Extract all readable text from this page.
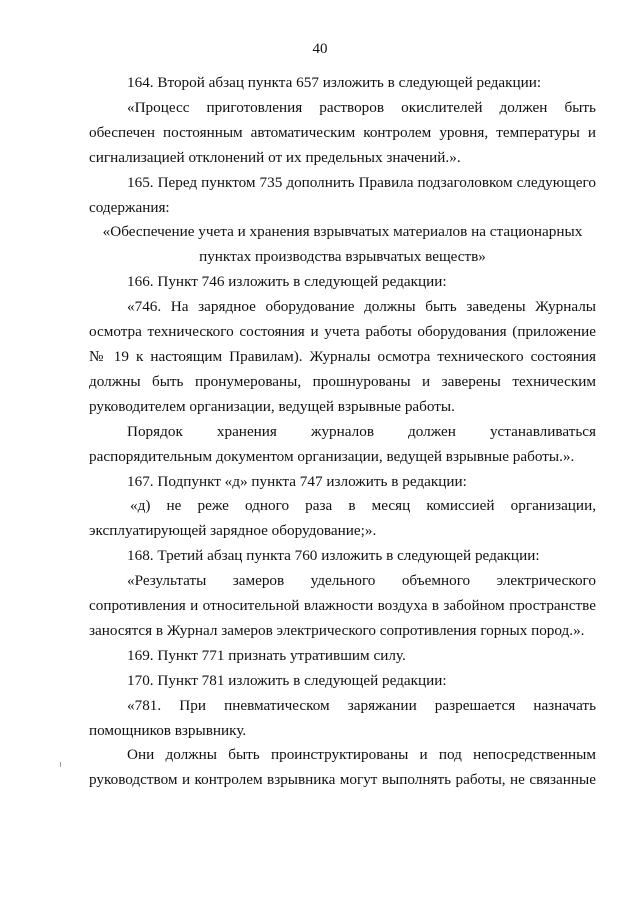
40

164. Второй абзац пункта 657 изложить в следующей редакции:

«Процесс приготовления растворов окислителей должен быть обеспечен постоянным автоматическим контролем уровня, температуры и сигнализацией отклонений от их предельных значений.».

165. Перед пунктом 735 дополнить Правила подзаголовком следующего содержания:

«Обеспечение учета и хранения взрывчатых материалов на стационарных пунктах производства взрывчатых веществ»

166. Пункт 746 изложить в следующей редакции:

«746. На зарядное оборудование должны быть заведены Журналы осмотра технического состояния и учета работы оборудования (приложение № 19 к настоящим Правилам). Журналы осмотра технического состояния должны быть пронумерованы, прошнурованы и заверены техническим руководителем организации, ведущей взрывные работы.

Порядок хранения журналов должен устанавливаться распорядительным документом организации, ведущей взрывные работы.».

167. Подпункт «д» пункта 747 изложить в редакции:

«д) не реже одного раза в месяц комиссией организации, эксплуатирующей зарядное оборудование;».

168. Третий абзац пункта 760 изложить в следующей редакции:

«Результаты замеров удельного объемного электрического сопротивления и относительной влажности воздуха в забойном пространстве заносятся в Журнал замеров электрического сопротивления горных пород.».

169. Пункт 771 признать утратившим силу.

170. Пункт 781 изложить в следующей редакции:

«781. При пневматическом заряжании разрешается назначать помощников взрывнику.

Они должны быть проинструктированы и под непосредственным руководством и контролем взрывника могут выполнять работы, не связанные
